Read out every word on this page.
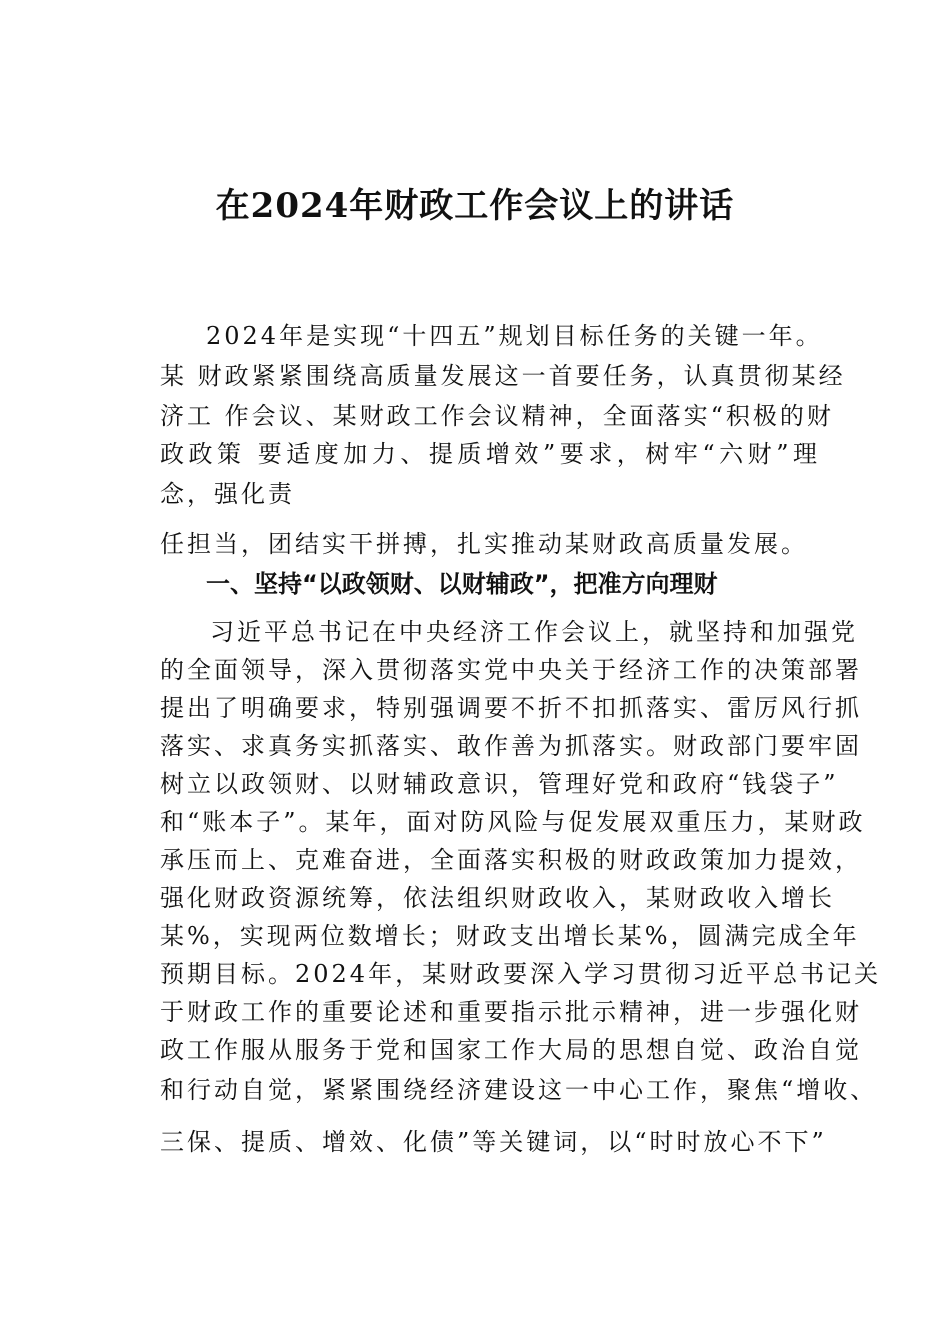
在2024年财政工作会议上的讲话
2024年是实现“十四五”规划目标任务的关键一年。
某 财政紧紧围绕高质量发展这一首要任务，认真贯彻某经
济工 作会议、某财政工作会议精神，全面落实“积极的财
政政策 要适度加力、提质增效”要求，树牢“六财”理
念，强化责
任担当，团结实干拼搏，扎实推动某财政高质量发展。
一、坚持“以政领财、以财辅政”，把准方向理财
习近平总书记在中央经济工作会议上，就坚持和加强党
的全面领导，深入贯彻落实党中央关于经济工作的决策部署
提出了明确要求，特别强调要不折不扣抓落实、雷厉风行抓
落实、求真务实抓落实、敢作善为抓落实。财政部门要牢固
树立以政领财、以财辅政意识，管理好党和政府“钱袋子”
和“账本子”。某年，面对防风险与促发展双重压力，某财政
承压而上、克难奋进，全面落实积极的财政政策加力提效，
强化财政资源统筹，依法组织财政收入，某财政收入增长
某%，实现两位数增长；财政支出增长某%，圆满完成全年
预期目标。2024年，某财政要深入学习贯彻习近平总书记关
于财政工作的重要论述和重要指示批示精神，进一步强化财
政工作服从服务于党和国家工作大局的思想自觉、政治自觉
和行动自觉，紧紧围绕经济建设这一中心工作，聚焦“增收、
三保、提质、增效、化债”等关键词，以“时时放心不下”
